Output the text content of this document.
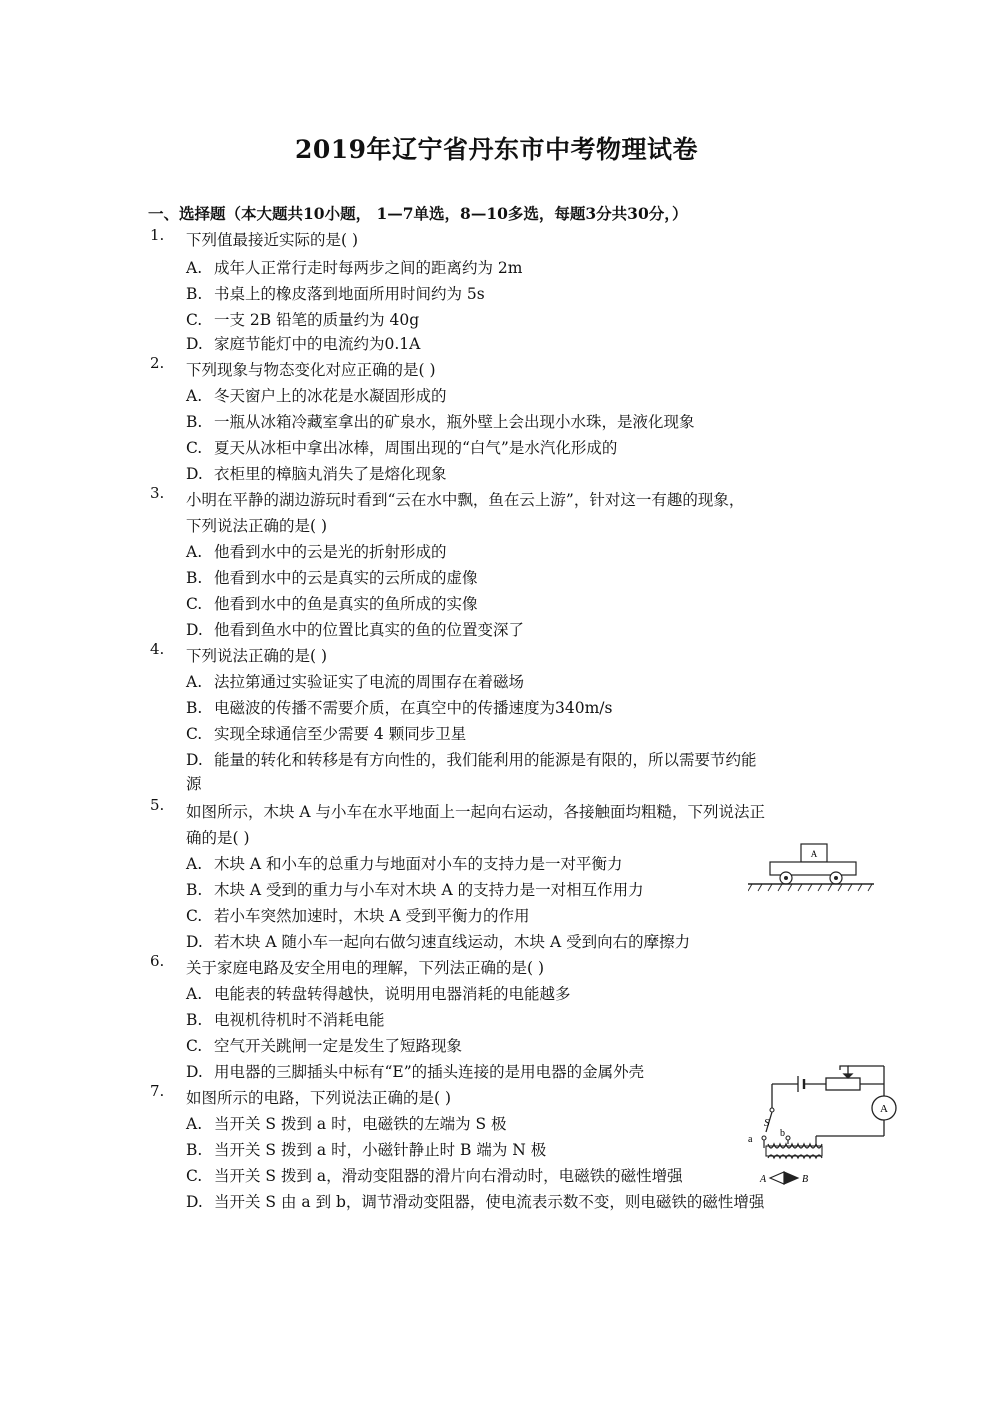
2019年辽宁省丹东市中考物理试卷
一、选择题（本大题共10小题， 1—7单选，8—10多选，每题3分共30分，）
1. 下列值最接近实际的是( )
A. 成年人正常行走时每两步之间的距离约为 2m
B. 书桌上的橡皮落到地面所用时间约为 5s
C. 一支 2B 铅笔的质量约为 40g
D. 家庭节能灯中的电流约为0.1A
2. 下列现象与物态变化对应正确的是( )
A. 冬天窗户上的冰花是水凝固形成的
B. 一瓶从冰箱冷藏室拿出的矿泉水，瓶外壁上会出现小水珠，是液化现象
C. 夏天从冰柜中拿出冰棒，周围出现的“白气”是水汽化形成的
D. 衣柜里的樟脑丸消失了是熔化现象
3. 小明在平静的湖边游玩时看到“云在水中飘，鱼在云上游”，针对这一有趣的现象，
下列说法正确的是( )
A. 他看到水中的云是光的折射形成的
B. 他看到水中的云是真实的云所成的虚像
C. 他看到水中的鱼是真实的鱼所成的实像
D. 他看到鱼水中的位置比真实的鱼的位置变深了
4. 下列说法正确的是( )
A. 法拉第通过实验证实了电流的周围存在着磁场
B. 电磁波的传播不需要介质，在真空中的传播速度为340m/s
C. 实现全球通信至少需要 4 颗同步卫星
D. 能量的转化和转移是有方向性的，我们能利用的能源是有限的，所以需要节约能
源
5. 如图所示，木块 A 与小车在水平地面上一起向右运动，各接触面均粗糙，下列说法正
确的是( )
A. 木块 A 和小车的总重力与地面对小车的支持力是一对平衡力
B. 木块 A 受到的重力与小车对木块 A 的支持力是一对相互作用力
C. 若小车突然加速时，木块 A 受到平衡力的作用
D. 若木块 A 随小车一起向右做匀速直线运动，木块 A 受到向右的摩擦力
A
6. 关于家庭电路及安全用电的理解，下列法正确的是( )
A. 电能表的转盘转得越快，说明用电器消耗的电能越多
B. 电视机待机时不消耗电能
C. 空气开关跳闸一定是发生了短路现象
D. 用电器的三脚插头中标有“E”的插头连接的是用电器的金属外壳
7. 如图所示的电路，下列说法正确的是( )
A. 当开关 S 拨到 a 时，电磁铁的左端为 S 极
B. 当开关 S 拨到 a 时，小磁针静止时 B 端为 N 极
C. 当开关 S 拨到 a，滑动变阻器的滑片向右滑动时，电磁铁的磁性增强
D. 当开关 S 由 a 到 b，调节滑动变阻器，使电流表示数不变，则电磁铁的磁性增强
A
S
a
b
A	B
